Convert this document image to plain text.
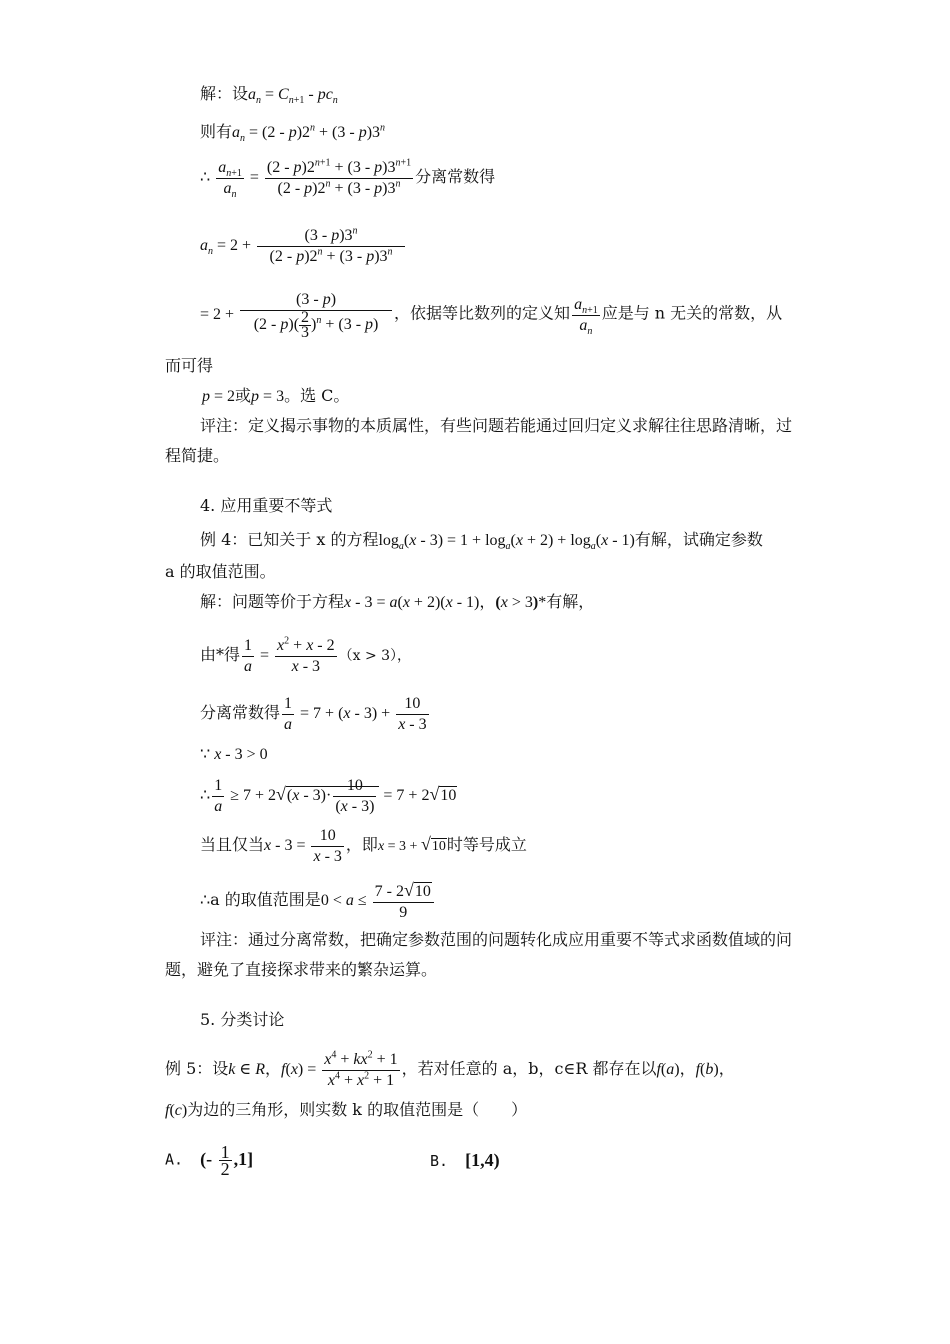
解：设$a_n = C_{n+1} - pc_n$
则有$a_n = (2 - p)2^n + (3 - p)3^n$
∴ $\frac{a_{n+1}}{a_n} = \frac{(2 - p)2^{n+1} + (3 - p)3^{n+1}}{(2 - p)2^n + (3 - p)3^n}$ 分离常数得
$a_n = 2 + \frac{(3 - p)3^n}{(2 - p)2^n + (3 - p)3^n}$
= $2 + \frac{(3 - p)}{(2 - p)( \frac{2}{3} )^n + (3 - p)}$ ，依据等比数列的定义知 $\frac{a_{n+1}}{a_n}$ 应是与 n 无关的常数，从
而可得
p = 2或p = 3。选 C。
评注：定义揭示事物的本质属性，有些问题若能通过回归定义求解往往思路清晰，过
程简捷。
4. 应用重要不等式
例 4：已知关于 x 的方程$\log_a(x - 3) = 1 + \log_a(x + 2) + \log_a(x - 1)$有解，试确定参数
a 的取值范围。
解：问题等价于方程x - 3 = a(x + 2)(x - 1)，(x > 3)*有解，
由*得 $\frac{1}{a} = \frac{x^2 + x - 2}{x - 3} (x > 3)$，
分离常数得 $\frac{1}{a} = 7 + (x - 3) + \frac{10}{x - 3}$
∵ x - 3 > 0
∴ $\frac{1}{a} \ge 7 + 2√(x - 3)\cdot \frac{10}{(x - 3)} = 7 + 2√10$
当且仅当$x - 3 = \frac{10}{x - 3}$ ，即x = 3 + √10时等号成立
∴a 的取值范围是$0 < a \le \frac{7 - 2√10}{9}$
评注：通过分离常数，把确定参数范围的问题转化成应用重要不等式求函数值域的问
题，避免了直接探求带来的繁杂运算。
5. 分类讨论
例 5：设k ∈ R，$f(x) = \frac{x^4 + kx^2 + 1}{x^4 + x^2 + 1}$ ，若对任意的 a，b，c∈R 都存在以f(a)，f(b)，
f(c)为边的三角形，则实数 k 的取值范围是（　　）
A. (- $\frac{1}{2} ,1$]	B. [1,4)
